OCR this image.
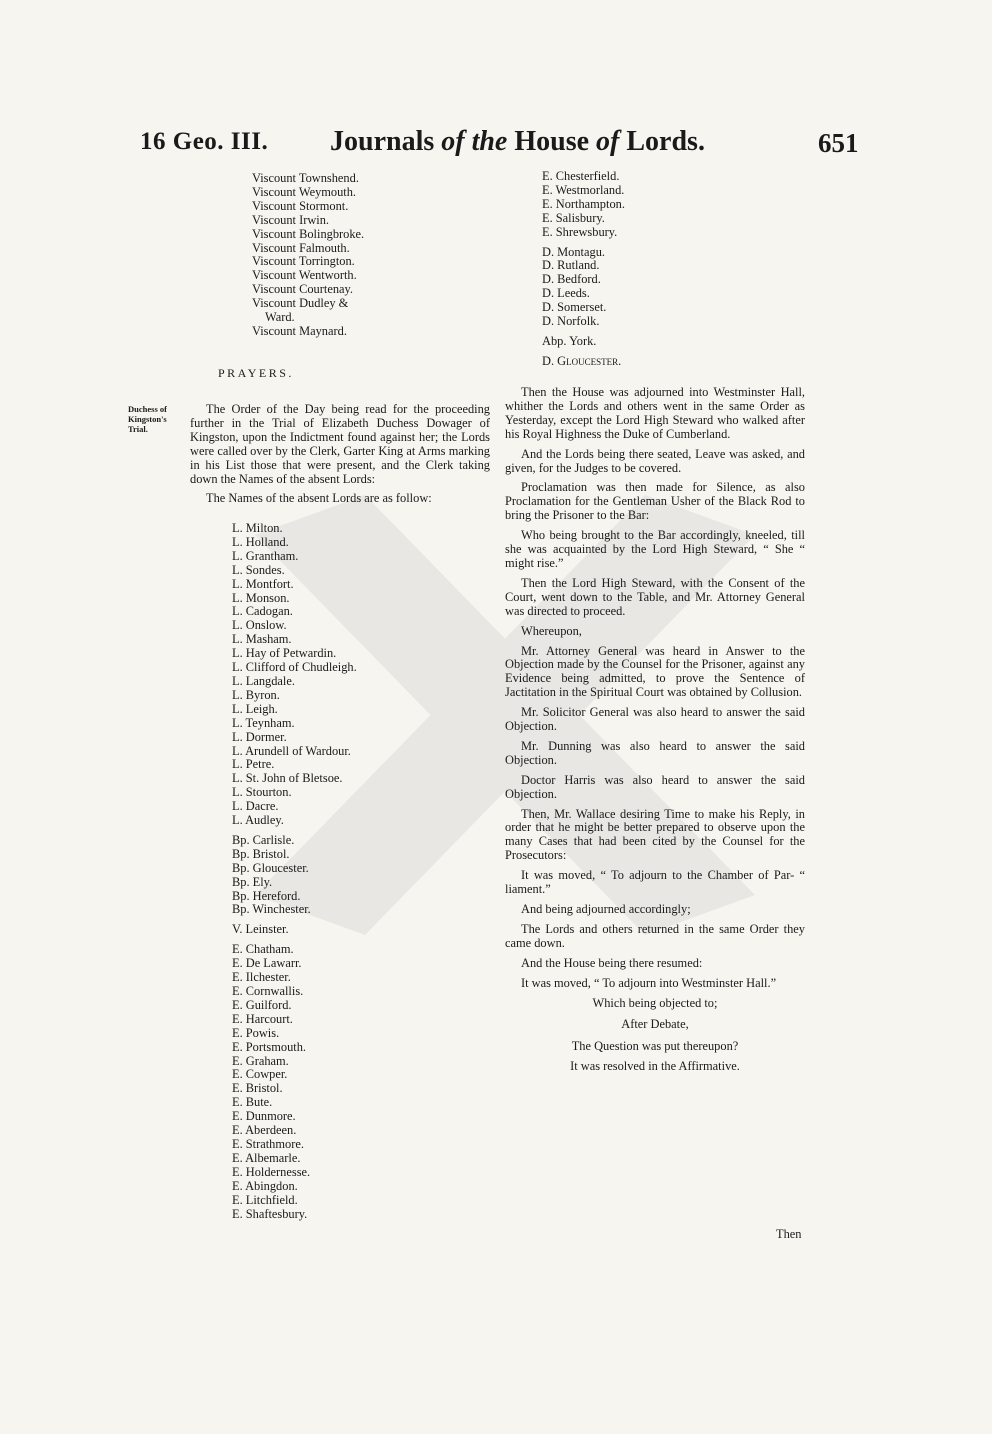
16 Geo. III. Journals of the House of Lords.	651
Viscount Townshend.
Viscount Weymouth.
Viscount Stormont.
Viscount Irwin.
Viscount Bolingbroke.
Viscount Falmouth.
Viscount Torrington.
Viscount Wentworth.
Viscount Courtenay.
Viscount Dudley &
Ward.
Viscount Maynard.
PRAYERS.
Duchess of Kingston's Trial.
The Order of the Day being read for the proceeding further in the Trial of Elizabeth Duchess Dowager of Kingston, upon the Indictment found against her; the Lords were called over by the Clerk, Garter King at Arms marking in his List those that were present, and the Clerk taking down the Names of the absent Lords:
The Names of the absent Lords are as follow:
L. Milton.
L. Holland.
L. Grantham.
L. Sondes.
L. Montfort.
L. Monson.
L. Cadogan.
L. Onslow.
L. Masham.
L. Hay of Petwardin.
L. Clifford of Chudleigh.
L. Langdale.
L. Byron.
L. Leigh.
L. Teynham.
L. Dormer.
L. Arundell of Wardour.
L. Petre.
L. St. John of Bletsoe.
L. Stourton.
L. Dacre.
L. Audley.
Bp. Carlisle.
Bp. Bristol.
Bp. Gloucester.
Bp. Ely.
Bp. Hereford.
Bp. Winchester.
V. Leinster.
E. Chatham.
E. De Lawarr.
E. Ilchester.
E. Cornwallis.
E. Guilford.
E. Harcourt.
E. Powis.
E. Portsmouth.
E. Graham.
E. Cowper.
E. Bristol.
E. Bute.
E. Dunmore.
E. Aberdeen.
E. Strathmore.
E. Albemarle.
E. Holdernesse.
E. Abingdon.
E. Litchfield.
E. Shaftesbury.
E. Chesterfield.
E. Westmorland.
E. Northampton.
E. Salisbury.
E. Shrewsbury.
D. Montagu.
D. Rutland.
D. Bedford.
D. Leeds.
D. Somerset.
D. Norfolk.
Abp. York.
D. Gloucester.
Then the House was adjourned into Westminster Hall, whither the Lords and others went in the same Order as Yesterday, except the Lord High Steward who walked after his Royal Highness the Duke of Cumberland.
And the Lords being there seated, Leave was asked, and given, for the Judges to be covered.
Proclamation was then made for Silence, as also Proclamation for the Gentleman Usher of the Black Rod to bring the Prisoner to the Bar:
Who being brought to the Bar accordingly, kneeled, till she was acquainted by the Lord High Steward, “ She “ might rise.”
Then the Lord High Steward, with the Consent of the Court, went down to the Table, and Mr. Attorney General was directed to proceed.
Whereupon,
Mr. Attorney General was heard in Answer to the Objection made by the Counsel for the Prisoner, against any Evidence being admitted, to prove the Sentence of Jactitation in the Spiritual Court was obtained by Collusion.
Mr. Solicitor General was also heard to answer the said Objection.
Mr. Dunning was also heard to answer the said Objection.
Doctor Harris was also heard to answer the said Objection.
Then, Mr. Wallace desiring Time to make his Reply, in order that he might be better prepared to observe upon the many Cases that had been cited by the Counsel for the Prosecutors:
It was moved, “ To adjourn to the Chamber of Par- “ liament.”
And being adjourned accordingly;
The Lords and others returned in the same Order they came down.
And the House being there resumed:
It was moved, “ To adjourn into Westminster Hall.”
Which being objected to;
After Debate,
The Question was put thereupon?
It was resolved in the Affirmative.
Then
